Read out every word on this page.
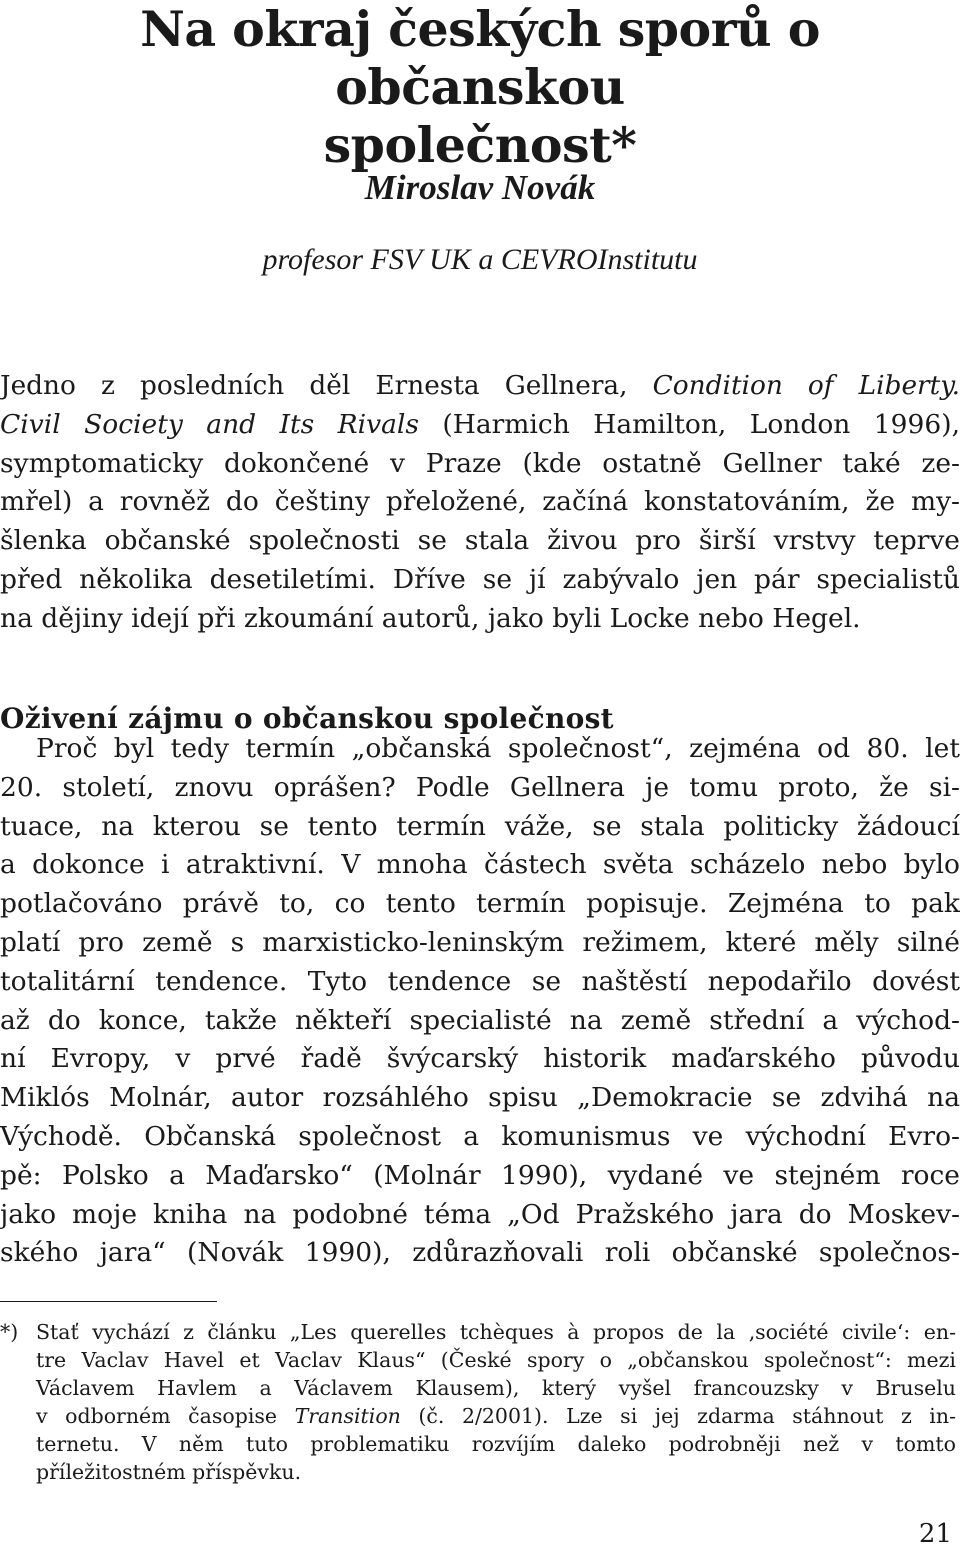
Na okraj českých sporů o občanskou
společnost*
Miroslav Novák
profesor FSV UK a CEVROInstitutu
Jedno z posledních děl Ernesta Gellnera, Condition of Liberty.
Civil Society and Its Rivals (Harmich Hamilton, London 1996),
symptomaticky dokončené v Praze (kde ostatně Gellner také ze-
mřel) a rovněž do češtiny přeložené, začíná konstatováním, že my-
šlenka občanské společnosti se stala živou pro širší vrstvy teprve
před několika desetiletími. Dříve se jí zabývalo jen pár specialistů
na dějiny idejí při zkoumání autorů, jako byli Locke nebo Hegel.
Oživení zájmu o občanskou společnost
Proč byl tedy termín „občanská společnost“, zejména od 80. let
20. století, znovu oprášen? Podle Gellnera je tomu proto, že si-
tuace, na kterou se tento termín váže, se stala politicky žádoucí
a dokonce i atraktivní. V mnoha částech světa scházelo nebo bylo
potlačováno právě to, co tento termín popisuje. Zejména to pak
platí pro země s marxisticko-leninským režimem, které měly silné
totalitární tendence. Tyto tendence se naštěstí nepodařilo dovést
až do konce, takže někteří specialisté na země střední a východ-
ní Evropy, v prvé řadě švýcarský historik maďarského původu
Miklós Molnár, autor rozsáhlého spisu „Demokracie se zdvihá na
Východě. Občanská společnost a komunismus ve východní Evro-
pě: Polsko a Maďarsko“ (Molnár 1990), vydané ve stejném roce
jako moje kniha na podobné téma „Od Pražského jara do Moskev-
ského jara“ (Novák 1990), zdůrazňovali roli občanské společnos-
*) Stať vychází z článku „Les querelles tchèques à propos de la ‚société civile‘: en-
tre Vaclav Havel et Vaclav Klaus“ (České spory o „občanskou společnost“: mezi
Václavem Havlem a Václavem Klausem), který vyšel francouzsky v Bruselu
v odborném časopise Transition (č. 2/2001). Lze si jej zdarma stáhnout z in-
ternetu. V něm tuto problematiku rozvíjím daleko podrobněji než v tomto
příležitostném příspěvku.
21
